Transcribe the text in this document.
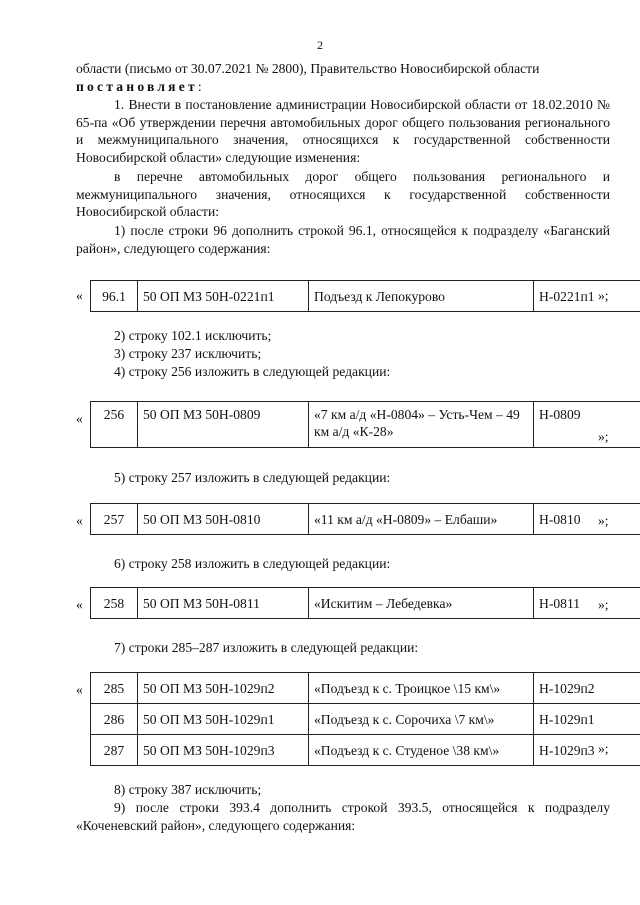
2
области (письмо от 30.07.2021 № 2800), Правительство Новосибирской области
постановляет:
1. Внести в постановление администрации Новосибирской области от 18.02.2010 № 65-па «Об утверждении перечня автомобильных дорог общего пользования регионального и межмуниципального значения, относящихся к государственной собственности Новосибирской области» следующие изменения:
в перечне автомобильных дорог общего пользования регионального и межмуниципального значения, относящихся к государственной собственности Новосибирской области:
1) после строки 96 дополнить строкой 96.1, относящейся к подразделу «Баганский район», следующего содержания:
« 96.1	50 ОП МЗ 50Н-0221п1	Подъезд к Лепокурово	Н-0221п1 »;
2) строку 102.1 исключить;
3) строку 237 исключить;
4) строку 256 изложить в следующей редакции:
« 256	50 ОП МЗ 50Н-0809	«7 км а/д «Н-0804» – Усть-Чем – 49 км а/д «К-28»	Н-0809
»;
5) строку 257 изложить в следующей редакции:
« 257	50 ОП МЗ 50Н-0810	«11 км а/д «Н-0809» – Елбаши»	Н-0810 »;
6) строку 258 изложить в следующей редакции:
« 258	50 ОП МЗ 50Н-0811	«Искитим – Лебедевка»	Н-0811 »;
7) строки 285–287 изложить в следующей редакции:
« 285	50 ОП МЗ 50Н-1029п2	«Подъезд к с. Троицкое \15 км\»	Н-1029п2
286	50 ОП МЗ 50Н-1029п1	«Подъезд к с. Сорочиха \7 км\»	Н-1029п1
287	50 ОП МЗ 50Н-1029п3	«Подъезд к с. Студеное \38 км\»	Н-1029п3 »;
8) строку 387 исключить;
9) после строки 393.4 дополнить строкой 393.5, относящейся к подразделу «Коченевский район», следующего содержания:
